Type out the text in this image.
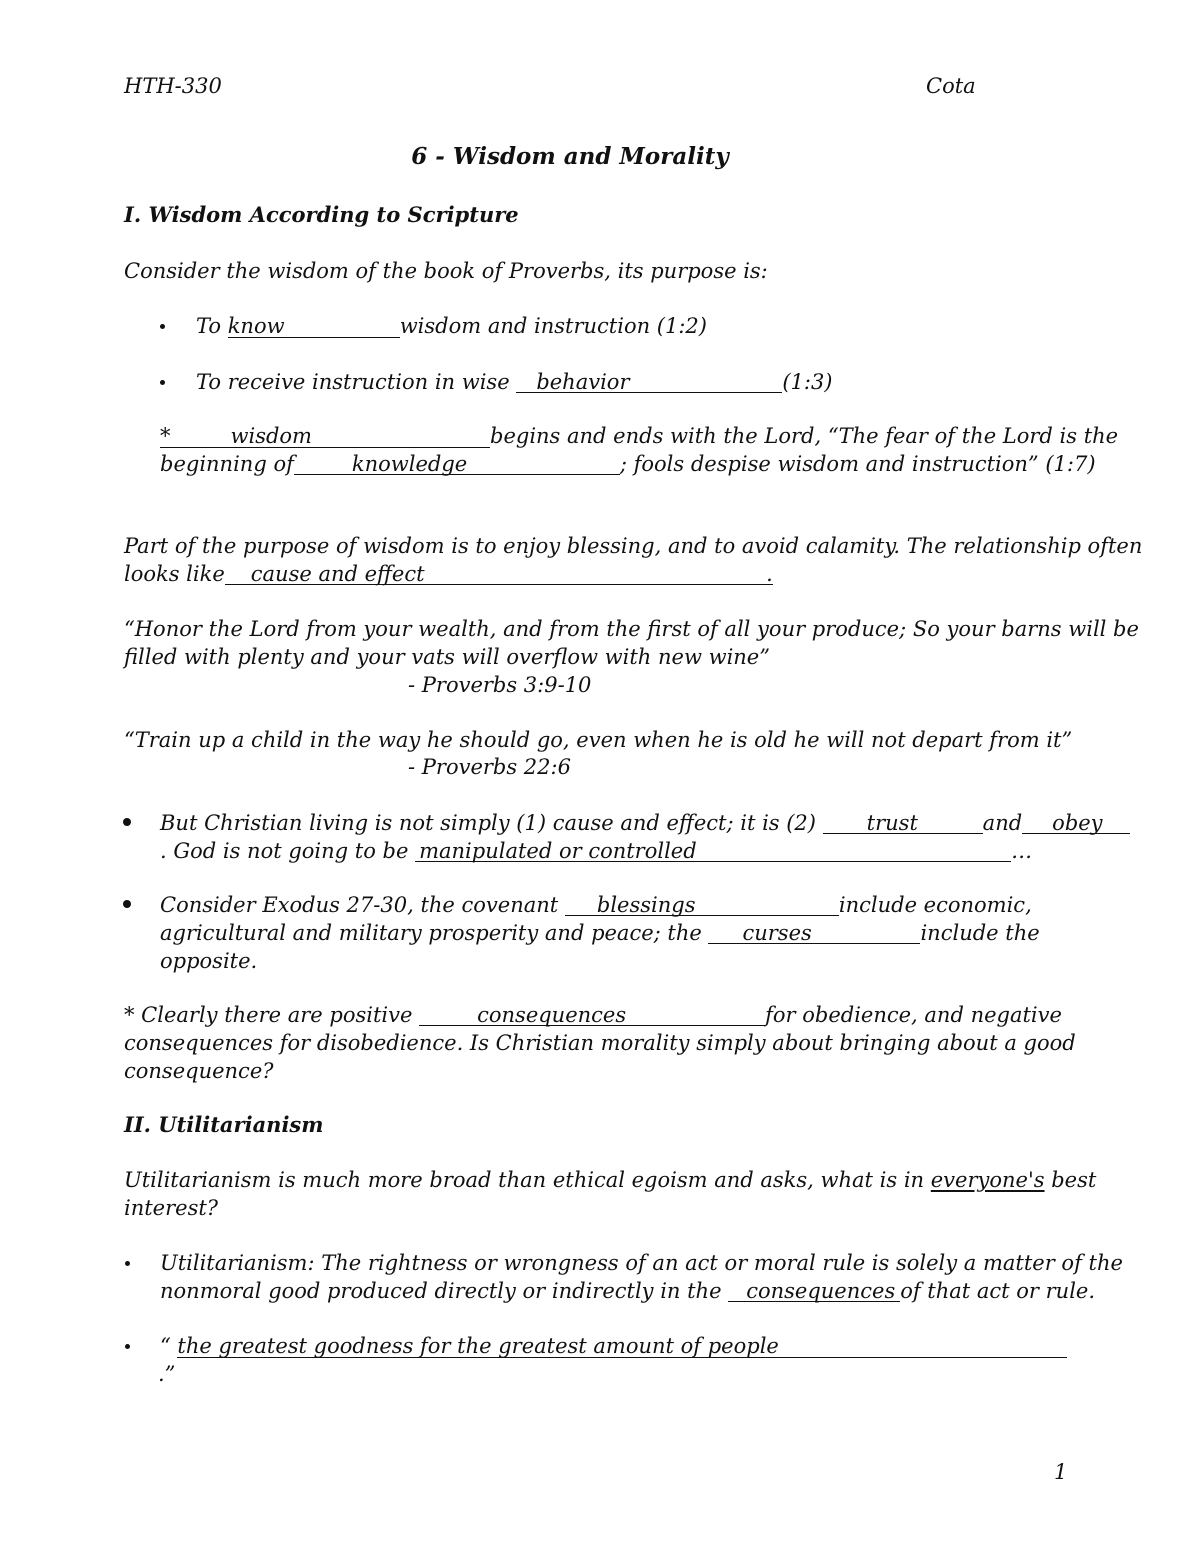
HTH-330	Cota
6 - Wisdom and Morality
I. Wisdom According to Scripture
Consider the wisdom of the book of Proverbs, its purpose is:
To know	wisdom and instruction (1:2)
To receive instruction in wise behavior	(1:3)
*	wisdom	begins and ends with the Lord, “The fear of the Lord is the
beginning of	knowledge	; fools despise wisdom and instruction” (1:7)
Part of the purpose of wisdom is to enjoy blessing, and to avoid calamity. The relationship often
looks like cause and effect	.
“Honor the Lord from your wealth, and from the first of all your produce; So your barns will be
filled with plenty and your vats will overflow with new wine”
- Proverbs 3:9-10
“Train up a child in the way he should go, even when he is old he will not depart from it”
- Proverbs 22:6
But Christian living is not simply (1) cause and effect; it is (2) trust	and obey
. God is not going to be manipulated or controlled	…
Consider Exodus 27-30, the covenant blessings	include economic,
agricultural and military prosperity and peace; the curses	include the
opposite.
* Clearly there are positive	consequences	for obedience, and negative
consequences for disobedience. Is Christian morality simply about bringing about a good
consequence?
II. Utilitarianism
Utilitarianism is much more broad than ethical egoism and asks, what is in everyone's best
interest?
Utilitarianism: The rightness or wrongness of an act or moral rule is solely a matter of the
nonmoral good produced directly or indirectly in the consequences of that act or rule.
“ the greatest goodness for the greatest amount of people
.”
1
